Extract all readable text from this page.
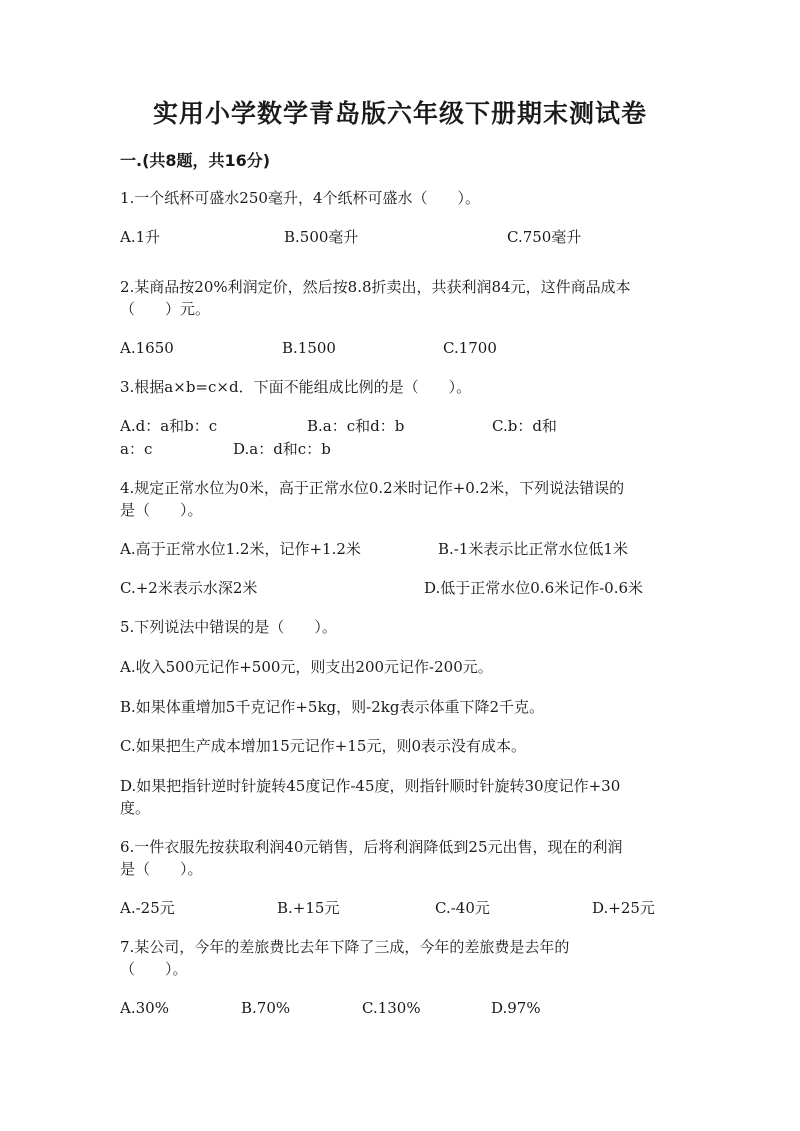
实用小学数学青岛版六年级下册期末测试卷
一.(共8题，共16分)
1.一个纸杯可盛水250毫升，4个纸杯可盛水（　　）。
A.1升	B.500毫升	C.750毫升
2.某商品按20%利润定价，然后按8.8折卖出，共获利润84元，这件商品成本
（　　）元。
A.1650	B.1500	C.1700
3.根据a×b=c×d．下面不能组成比例的是（　　）。
A.d：a和b：c	B.a：c和d：b	C.b：d和
a：c	D.a：d和c：b
4.规定正常水位为0米，高于正常水位0.2米时记作+0.2米，下列说法错误的
是（　　）。
A.高于正常水位1.2米，记作+1.2米	B.-1米表示比正常水位低1米
C.+2米表示水深2米	D.低于正常水位0.6米记作-0.6米
5.下列说法中错误的是（　　）。
A.收入500元记作+500元，则支出200元记作-200元。
B.如果体重增加5千克记作+5kg，则-2kg表示体重下降2千克。
C.如果把生产成本增加15元记作+15元，则0表示没有成本。
D.如果把指针逆时针旋转45度记作-45度，则指针顺时针旋转30度记作+30
度。
6.一件衣服先按获取利润40元销售，后将利润降低到25元出售，现在的利润
是（　　）。
A.-25元	B.+15元	C.-40元	D.+25元
7.某公司，今年的差旅费比去年下降了三成，今年的差旅费是去年的
（　　）。
A.30%	B.70%	C.130%	D.97%
